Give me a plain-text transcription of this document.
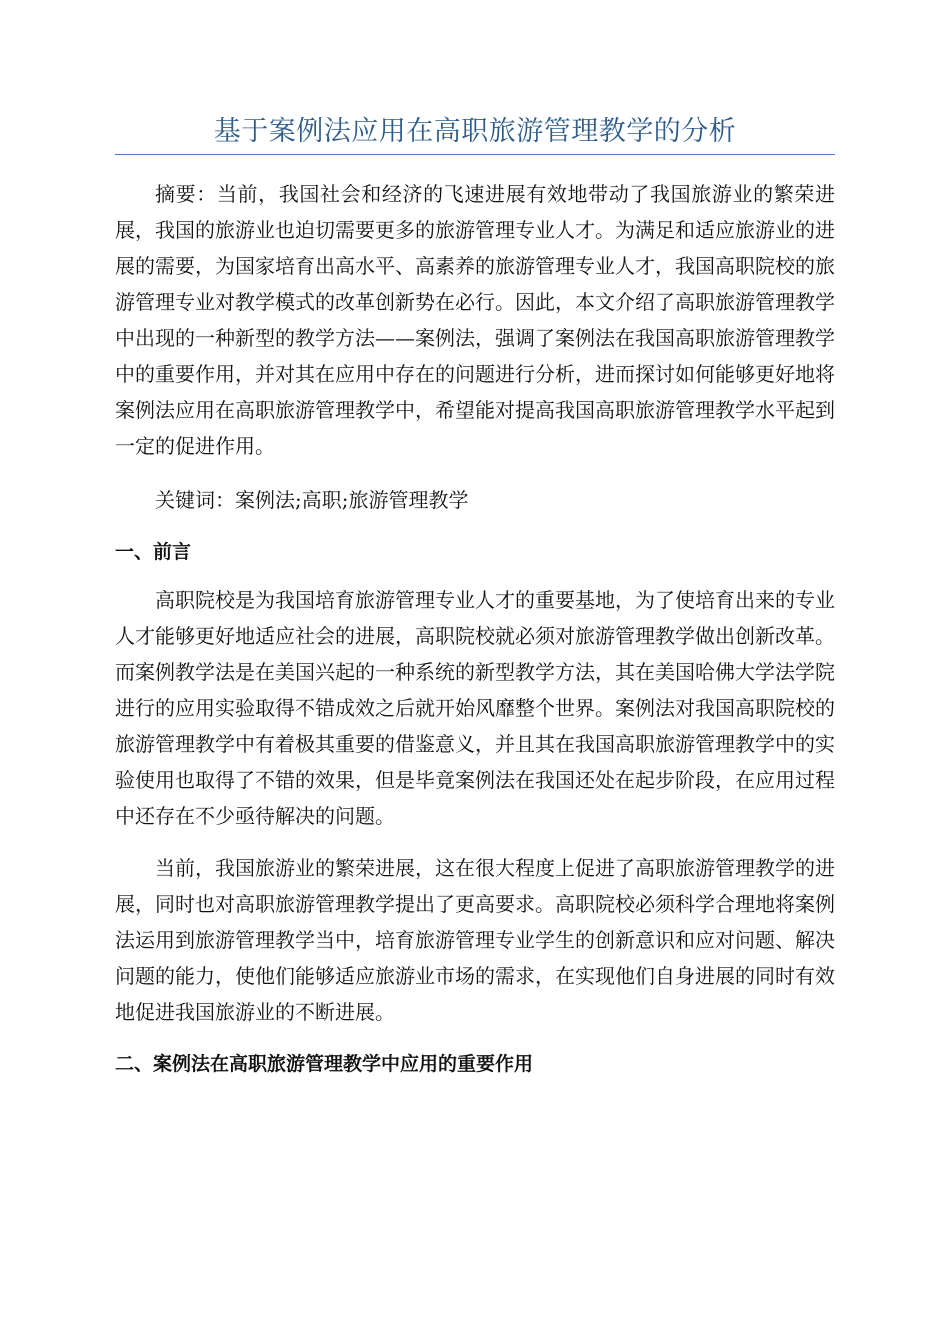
基于案例法应用在高职旅游管理教学的分析

摘要：当前，我国社会和经济的飞速进展有效地带动了我国旅游业的繁荣进展，我国的旅游业也迫切需要更多的旅游管理专业人才。为满足和适应旅游业的进展的需要，为国家培育出高水平、高素养的旅游管理专业人才，我国高职院校的旅游管理专业对教学模式的改革创新势在必行。因此，本文介绍了高职旅游管理教学中出现的一种新型的教学方法——案例法，强调了案例法在我国高职旅游管理教学中的重要作用，并对其在应用中存在的问题进行分析，进而探讨如何能够更好地将案例法应用在高职旅游管理教学中，希望能对提高我国高职旅游管理教学水平起到一定的促进作用。

关键词：案例法;高职;旅游管理教学

一、前言

高职院校是为我国培育旅游管理专业人才的重要基地，为了使培育出来的专业人才能够更好地适应社会的进展，高职院校就必须对旅游管理教学做出创新改革。而案例教学法是在美国兴起的一种系统的新型教学方法，其在美国哈佛大学法学院进行的应用实验取得不错成效之后就开始风靡整个世界。案例法对我国高职院校的旅游管理教学中有着极其重要的借鉴意义，并且其在我国高职旅游管理教学中的实验使用也取得了不错的效果，但是毕竟案例法在我国还处在起步阶段，在应用过程中还存在不少亟待解决的问题。

当前，我国旅游业的繁荣进展，这在很大程度上促进了高职旅游管理教学的进展，同时也对高职旅游管理教学提出了更高要求。高职院校必须科学合理地将案例法运用到旅游管理教学当中，培育旅游管理专业学生的创新意识和应对问题、解决问题的能力，使他们能够适应旅游业市场的需求，在实现他们自身进展的同时有效地促进我国旅游业的不断进展。

二、案例法在高职旅游管理教学中应用的重要作用
